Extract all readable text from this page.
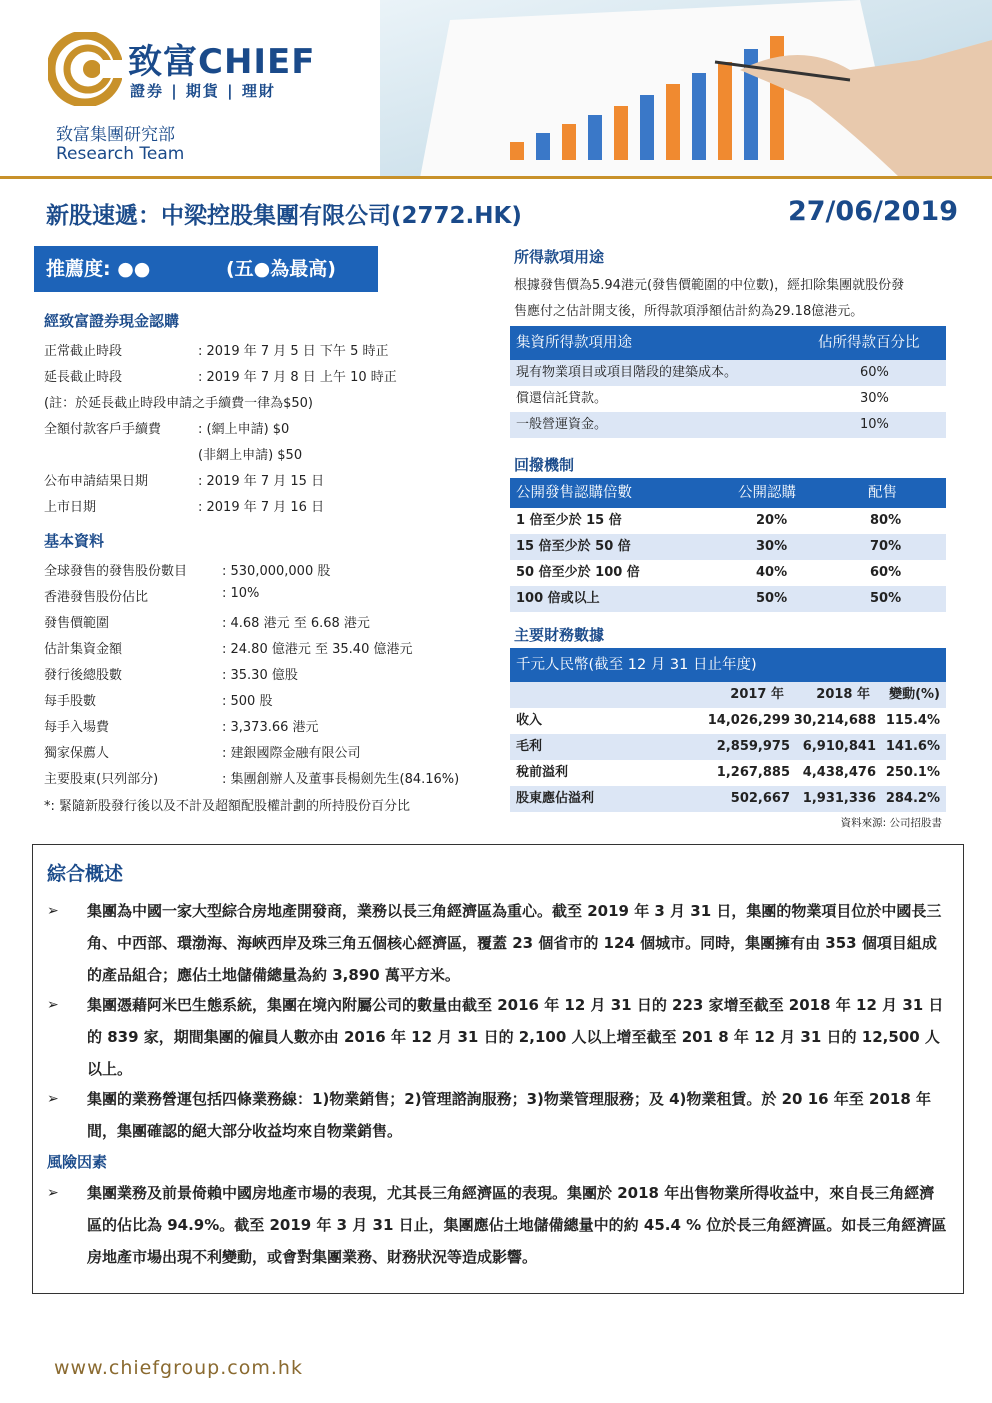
致富CHIEF
證券 | 期貨 | 理財
致富集團研究部
Research Team
新股速遞：中梁控股集團有限公司(2772.HK)	27/06/2019
推薦度: ●●	(五●為最高)
經致富證券現金認購
正常截止時段	: 2019 年 7 月 5 日 下午 5 時正
延長截止時段	: 2019 年 7 月 8 日 上午 10 時正
(註：於延長截止時段申請之手續費一律為$50)
全額付款客戶手續費	: (網上申請) $0
(非網上申請) $50
公布申請結果日期	: 2019 年 7 月 15 日
上市日期	: 2019 年 7 月 16 日
基本資料
全球發售的發售股份數目	: 530,000,000 股
香港發售股份佔比	: 10%
發售價範圍	: 4.68 港元 至 6.68 港元
估計集資金額	: 24.80 億港元 至 35.40 億港元
發行後總股數	: 35.30 億股
每手股數	: 500 股
每手入場費	: 3,373.66 港元
獨家保薦人	: 建銀國際金融有限公司
主要股東(只列部分)	: 集團創辦人及董事長楊劍先生(84.16%)
*: 緊隨新股發行後以及不計及超額配股權計劃的所持股份百分比
所得款項用途
根據發售價為5.94港元(發售價範圍的中位數)，經扣除集團就股份發
售應付之估計開支後，所得款項淨額估計約為29.18億港元。
集資所得款項用途	佔所得款百分比
現有物業項目或項目階段的建築成本。	60%
償還信託貸款。	30%
一般營運資金。	10%
回撥機制
公開發售認購倍數	公開認購	配售
1 倍至少於 15 倍	20%	80%
15 倍至少於 50 倍	30%	70%
50 倍至少於 100 倍	40%	60%
100 倍或以上	50%	50%
主要財務數據
千元人民幣(截至 12 月 31 日止年度)
2017 年 2018 年 變動(%)
收入	14,026,299 30,214,688 115.4%
毛利	2,859,975 6,910,841 141.6%
稅前溢利	1,267,885 4,438,476 250.1%
股東應佔溢利	502,667 1,931,336 284.2%
資料來源: 公司招股書
綜合概述
➢ 集團為中國一家大型綜合房地產開發商，業務以長三角經濟區為重心。截至 2019 年 3 月 31 日，集團的物業項目位於中國長三角、中西部、環渤海、海峽西岸及珠三角五個核心經濟區，覆蓋 23 個省市的 124 個城市。同時，集團擁有由 353 個項目組成的產品組合；應佔土地儲備總量為約 3,890 萬平方米。
➢ 集團憑藉阿米巴生態系統，集團在境內附屬公司的數量由截至 2016 年 12 月 31 日的 223 家增至截至 2018 年 12 月 31 日的 839 家，期間集團的僱員人數亦由 2016 年 12 月 31 日的 2,100 人以上增至截至 201 8 年 12 月 31 日的 12,500 人以上。
➢ 集團的業務營運包括四條業務線：1)物業銷售；2)管理諮詢服務；3)物業管理服務；及 4)物業租賃。於 20 16 年至 2018 年間，集團確認的絕大部分收益均來自物業銷售。
風險因素
➢ 集團業務及前景倚賴中國房地產市場的表現，尤其長三角經濟區的表現。集團於 2018 年出售物業所得收益中，來自長三角經濟區的佔比為 94.9%。截至 2019 年 3 月 31 日止，集團應佔土地儲備總量中的約 45.4 % 位於長三角經濟區。如長三角經濟區房地產市場出現不利變動，或會對集團業務、財務狀況等造成影響。
www.chiefgroup.com.hk
